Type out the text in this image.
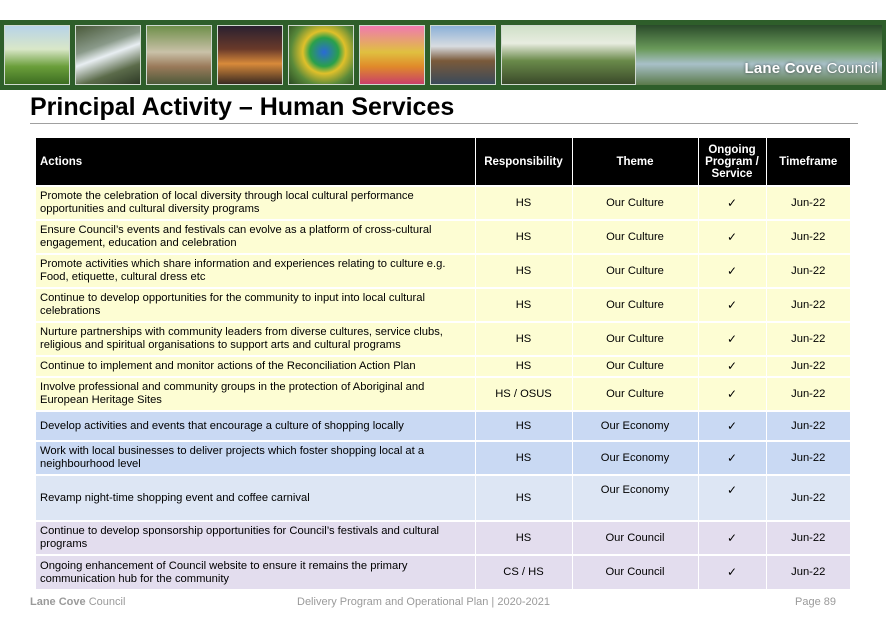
Lane Cove Council
Principal Activity – Human Services
Actions	Responsibility	Theme	Ongoing Program / Service	Timeframe
Promote the celebration of local diversity through local cultural performance opportunities and cultural diversity programs	HS	Our Culture	✓	Jun-22
Ensure Council’s events and festivals can evolve as a platform of cross-cultural engagement, education and celebration	HS	Our Culture	✓	Jun-22
Promote activities which share information and experiences relating to culture e.g. Food, etiquette, cultural dress etc	HS	Our Culture	✓	Jun-22
Continue to develop opportunities for the community to input into local cultural celebrations	HS	Our Culture	✓	Jun-22
Nurture partnerships with community leaders from diverse cultures, service clubs, religious and spiritual organisations to support arts and cultural programs	HS	Our Culture	✓	Jun-22
Continue to implement and monitor actions of the Reconciliation Action Plan	HS	Our Culture	✓	Jun-22
Involve professional and community groups in the protection of Aboriginal and European Heritage Sites	HS / OSUS	Our Culture	✓	Jun-22
Develop activities and events that encourage a culture of shopping locally	HS	Our Economy	✓	Jun-22
Work with local businesses to deliver projects which foster shopping local at a neighbourhood level	HS	Our Economy	✓	Jun-22
Revamp night-time shopping event and coffee carnival	HS	Our Economy	✓	Jun-22
Continue to develop sponsorship opportunities for Council’s festivals and cultural programs	HS	Our Council	✓	Jun-22
Ongoing enhancement of Council website to ensure it remains the primary communication hub for the community	CS / HS	Our Council	✓	Jun-22
Lane Cove Council	Delivery Program and Operational Plan | 2020-2021	Page 89
